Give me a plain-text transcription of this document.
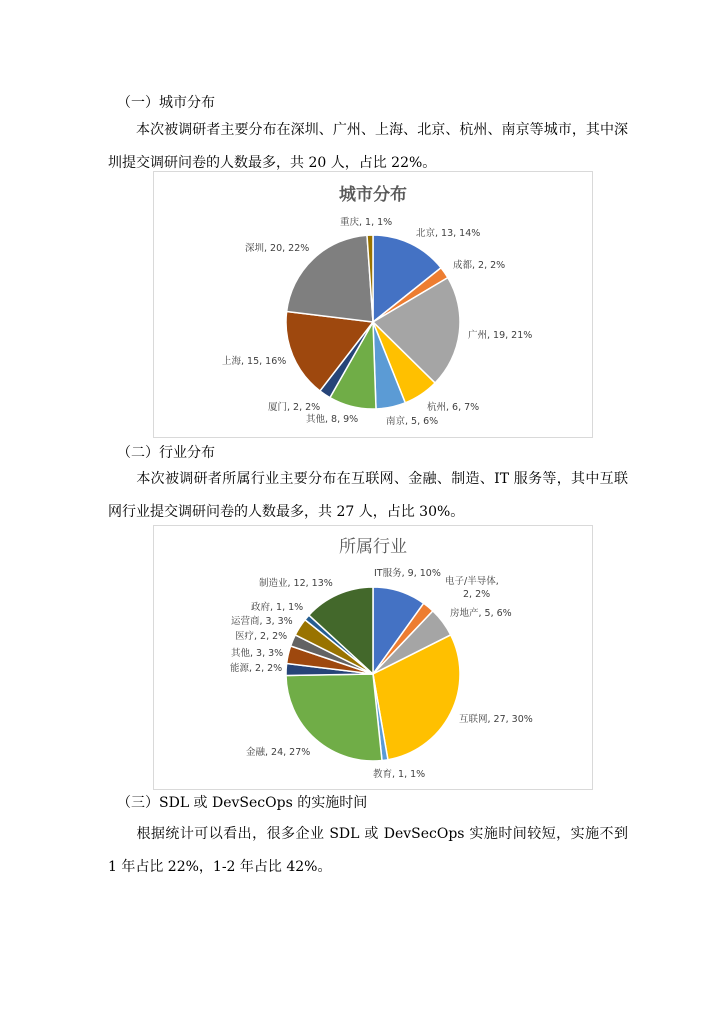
（一）城市分布
本次被调研者主要分布在深圳、广州、上海、北京、杭州、南京等城市，其中深圳提交调研问卷的人数最多，共 20 人，占比 22%。
城市分布
北京, 13, 14%
成都, 2, 2%
广州, 19, 21%
杭州, 6, 7%
南京, 5, 6%
其他, 8, 9%
厦门, 2, 2%
上海, 15, 16%
深圳, 20, 22%
重庆, 1, 1%
（二）行业分布
本次被调研者所属行业主要分布在互联网、金融、制造、IT 服务等，其中互联网行业提交调研问卷的人数最多，共 27 人，占比 30%。
所属行业
IT服务, 9, 10%
电子/半导体, 2, 2%
房地产, 5, 6%
互联网, 27, 30%
教育, 1, 1%
金融, 24, 27%
能源, 2, 2%
其他, 3, 3%
医疗, 2, 2%
运营商, 3, 3%
政府, 1, 1%
制造业, 12, 13%
（三）SDL 或 DevSecOps 的实施时间
根据统计可以看出，很多企业 SDL 或 DevSecOps 实施时间较短，实施不到 1 年占比 22%，1-2 年占比 42%。
